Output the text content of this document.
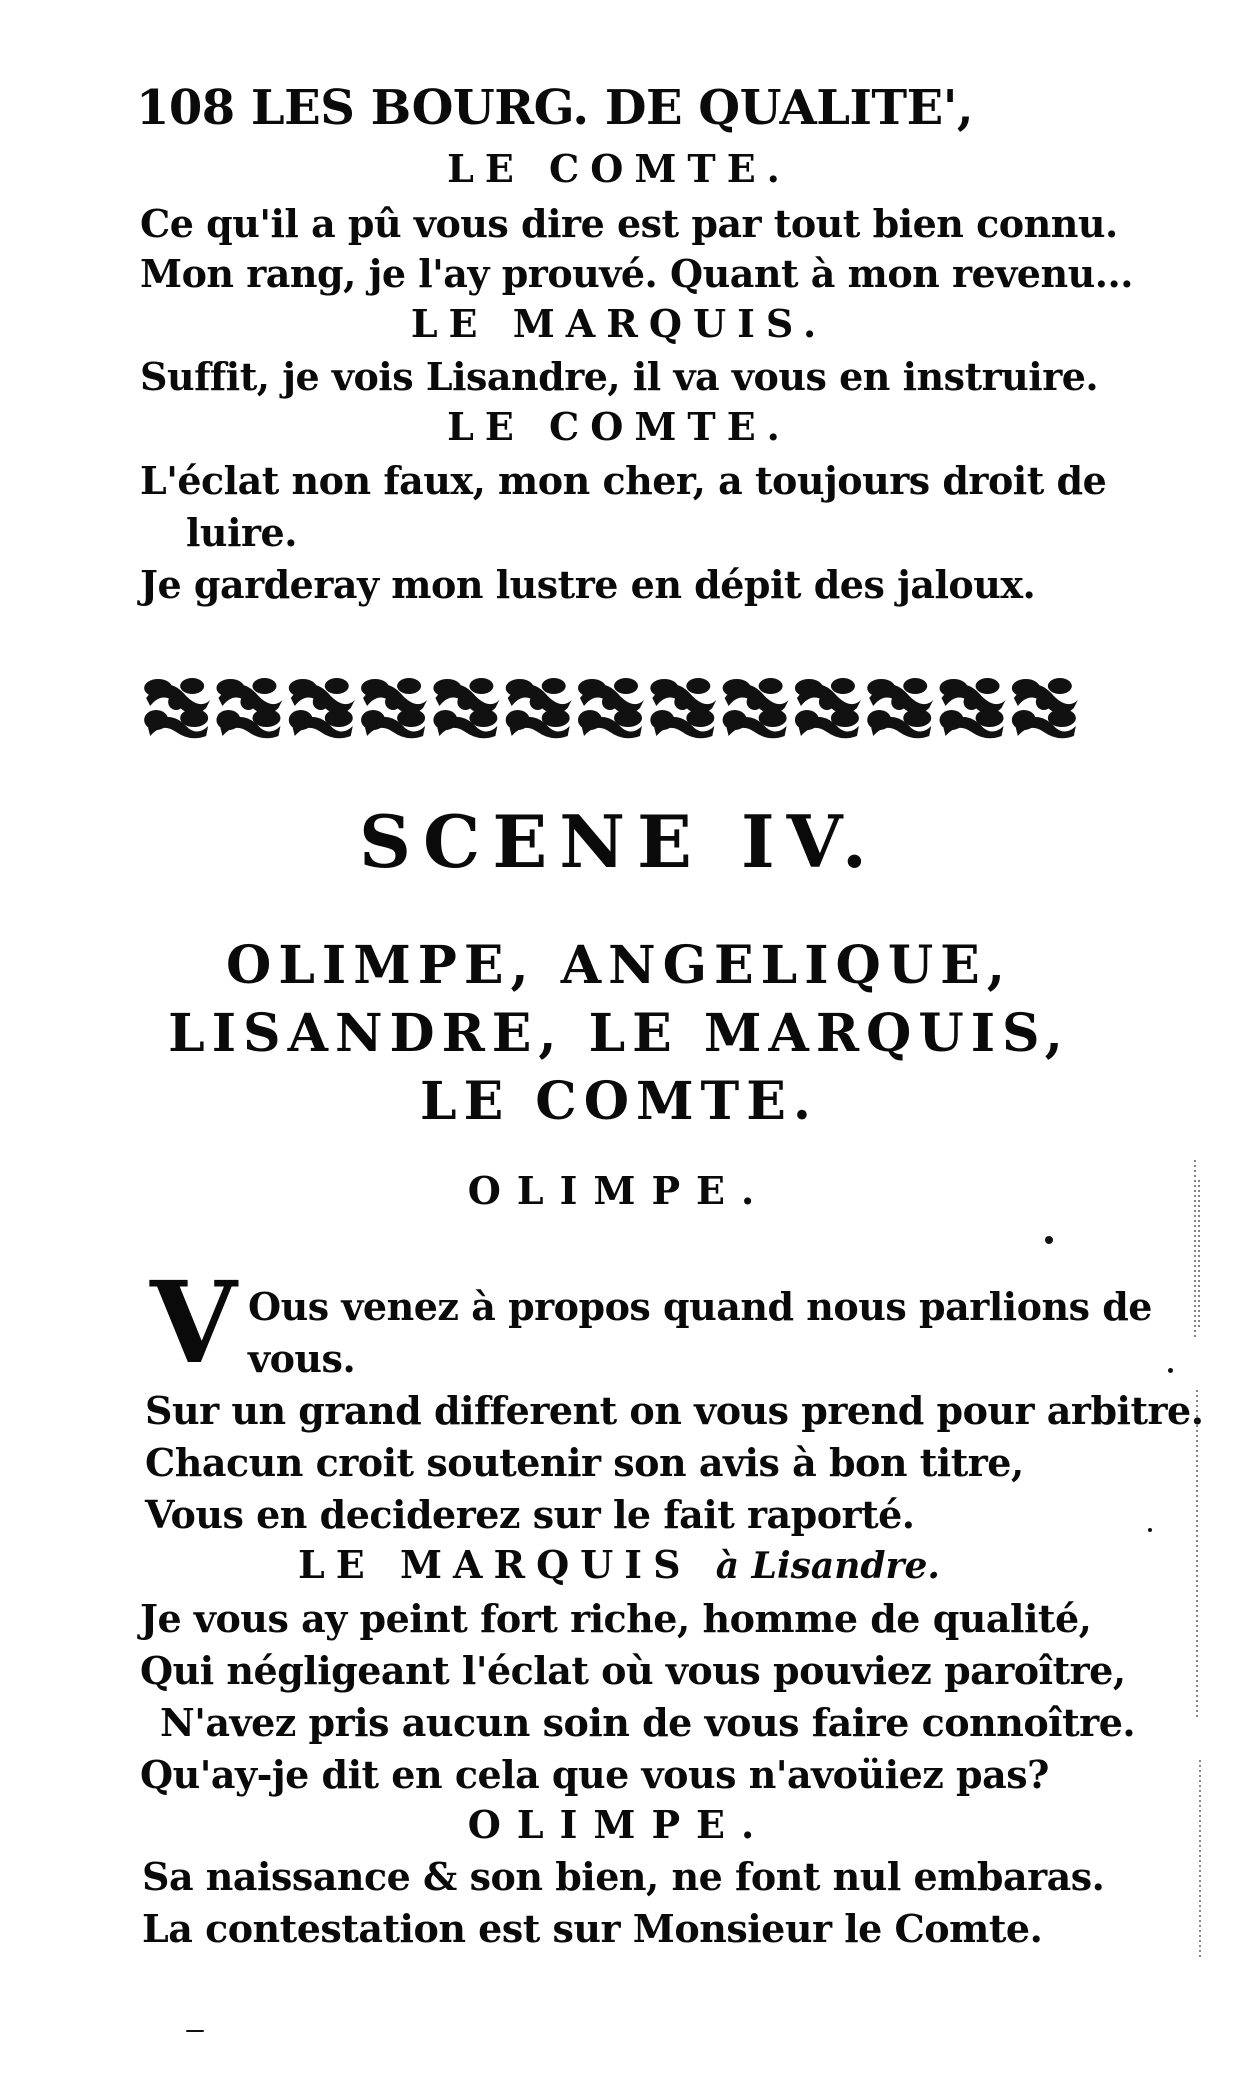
108 LES BOURG. DE QUALITE',
LE COMTE.
Ce qu'il a pû vous dire est par tout bien connu.
Mon rang, je l'ay prouvé. Quant à mon revenu...
LE MARQUIS.
Suffit, je vois Lisandre, il va vous en instruire.
LE COMTE.
L'éclat non faux, mon cher, a toujours droit de
luire.
Je garderay mon lustre en dépit des jaloux.
SCENE IV.
OLIMPE, ANGELIQUE,
LISANDRE, LE MARQUIS,
LE COMTE.
OLIMPE.
V Ous venez à propos quand nous parlions de
vous.
Sur un grand different on vous prend pour arbitre.
Chacun croit soutenir son avis à bon titre,
Vous en deciderez sur le fait raporté.
LE MARQUIS à Lisandre.
Je vous ay peint fort riche, homme de qualité,
Qui négligeant l'éclat où vous pouviez paroître,
N'avez pris aucun soin de vous faire connoître.
Qu'ay-je dit en cela que vous n'avoüiez pas?
OLIMPE.
Sa naissance & son bien, ne font nul embaras.
La contestation est sur Monsieur le Comte.
